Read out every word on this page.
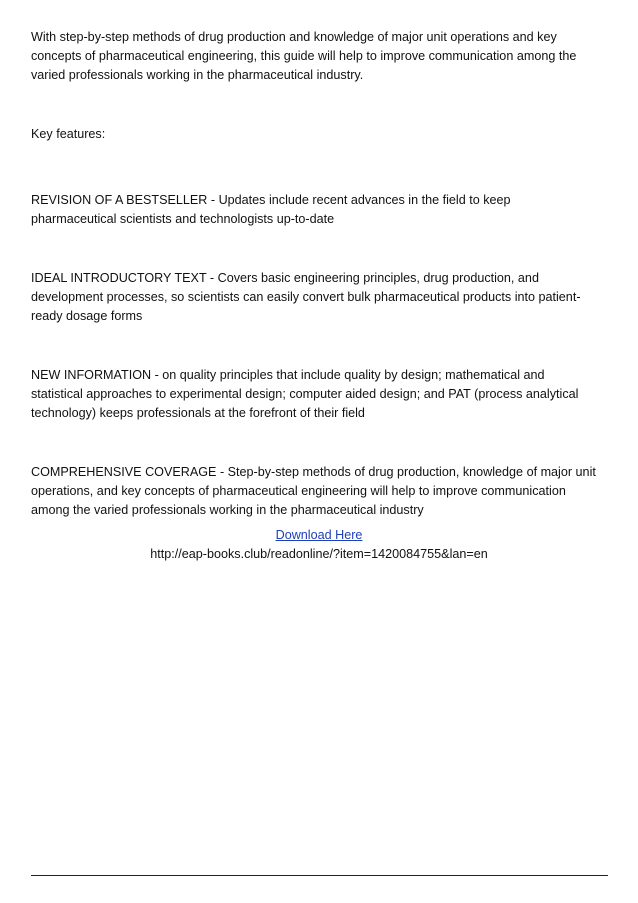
With step-by-step methods of drug production and knowledge of major unit operations and key
concepts of pharmaceutical engineering, this guide will help to improve communication among the
varied professionals working in the pharmaceutical industry.

Key features:

REVISION OF A BESTSELLER - Updates include recent advances in the field to keep
pharmaceutical scientists and technologists up-to-date

IDEAL INTRODUCTORY TEXT - Covers basic engineering principles, drug production, and
development processes, so scientists can easily convert bulk pharmaceutical products into patient-
ready dosage forms

NEW INFORMATION - on quality principles that include quality by design; mathematical and
statistical approaches to experimental design; computer aided design; and PAT (process analytical
technology) keeps professionals at the forefront of their field

COMPREHENSIVE COVERAGE - Step-by-step methods of drug production, knowledge of major unit
operations, and key concepts of pharmaceutical engineering will help to improve communication
among the varied professionals working in the pharmaceutical industry

Download Here
http://eap-books.club/readonline/?item=1420084755&lan=en
